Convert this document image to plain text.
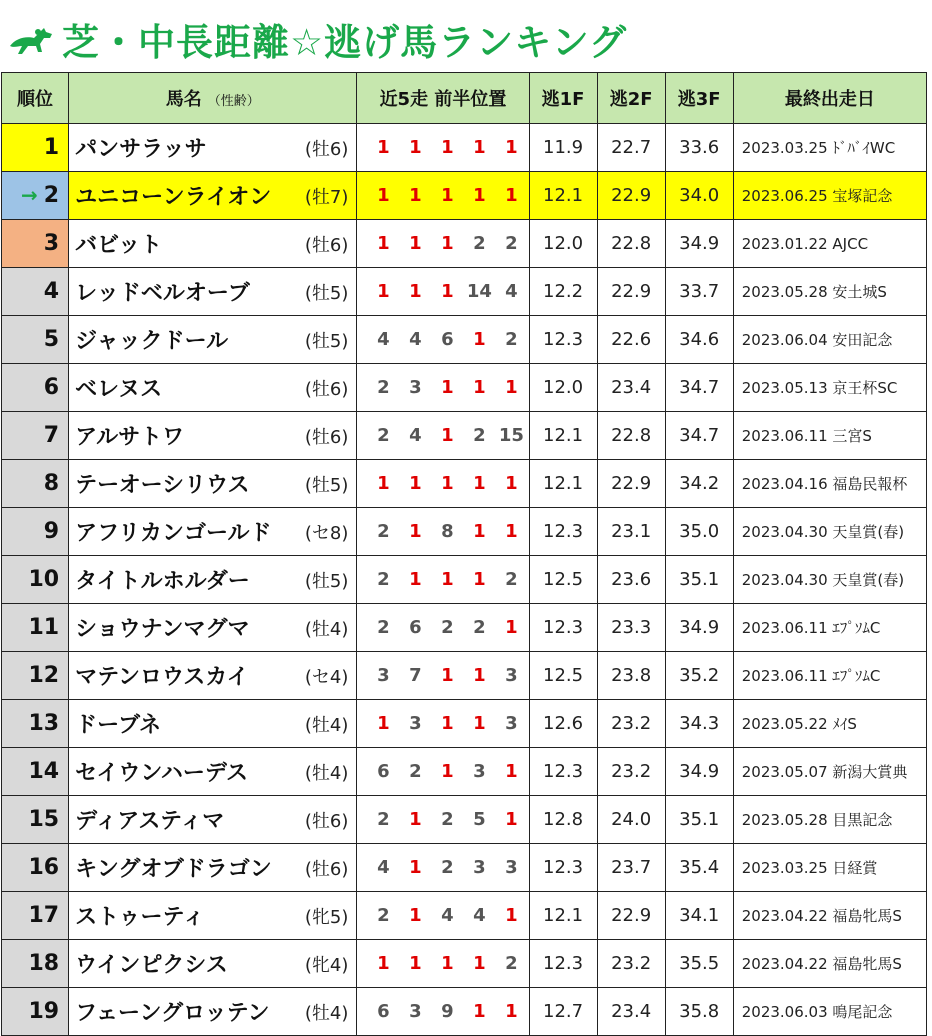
芝・中長距離☆逃げ馬ランキング
順位	馬名 （性齢）		近5走 前半位置	逃1F	逃2F	逃3F	最終出走日
1	パンサラッサ	(牡6)	1 1 1 1 1	11.9	22.7	33.6	2023.03.25 ﾄﾞﾊﾞｲWC
→ 2	ユニコーンライオン	(牡7)	1 1 1 1 1	12.1	22.9	34.0	2023.06.25 宝塚記念
3	バビット	(牡6)	1 1 1 2 2	12.0	22.8	34.9	2023.01.22 AJCC
4	レッドベルオーブ	(牡5)	1 1 1 14 4	12.2	22.9	33.7	2023.05.28 安土城S
5	ジャックドール	(牡5)	4 4 6 1 2	12.3	22.6	34.6	2023.06.04 安田記念
6	ベレヌス	(牡6)	2 3 1 1 1	12.0	23.4	34.7	2023.05.13 京王杯SC
7	アルサトワ	(牡6)	2 4 1 2 15	12.1	22.8	34.7	2023.06.11 三宮S
8	テーオーシリウス	(牡5)	1 1 1 1 1	12.1	22.9	34.2	2023.04.16 福島民報杯
9	アフリカンゴールド	(セ8)	2 1 8 1 1	12.3	23.1	35.0	2023.04.30 天皇賞(春)
10	タイトルホルダー	(牡5)	2 1 1 1 2	12.5	23.6	35.1	2023.04.30 天皇賞(春)
11	ショウナンマグマ	(牡4)	2 6 2 2 1	12.3	23.3	34.9	2023.06.11 ｴﾌﾟｿﾑC
12	マテンロウスカイ	(セ4)	3 7 1 1 3	12.5	23.8	35.2	2023.06.11 ｴﾌﾟｿﾑC
13	ドーブネ	(牡4)	1 3 1 1 3	12.6	23.2	34.3	2023.05.22 ﾒｲS
14	セイウンハーデス	(牡4)	6 2 1 3 1	12.3	23.2	34.9	2023.05.07 新潟大賞典
15	ディアスティマ	(牡6)	2 1 2 5 1	12.8	24.0	35.1	2023.05.28 目黒記念
16	キングオブドラゴン	(牡6)	4 1 2 3 3	12.3	23.7	35.4	2023.03.25 日経賞
17	ストゥーティ	(牝5)	2 1 4 4 1	12.1	22.9	34.1	2023.04.22 福島牝馬S
18	ウインピクシス	(牝4)	1 1 1 1 2	12.3	23.2	35.5	2023.04.22 福島牝馬S
19	フェーングロッテン	(牡4)	6 3 9 1 1	12.7	23.4	35.8	2023.06.03 鳴尾記念
